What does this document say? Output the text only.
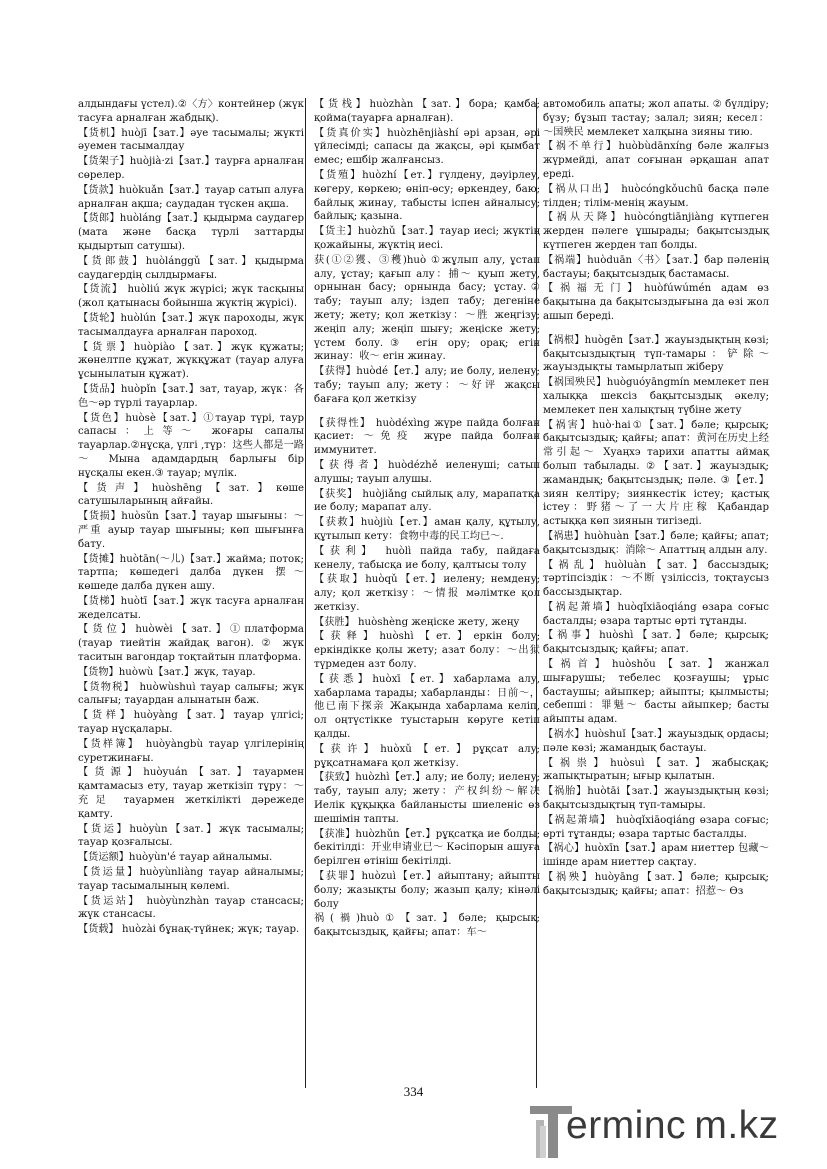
алдындағы үстел).②〈方〉контейнер (жүк тасуға арналған жабдық).
【货机】huòjī【зат.】әуе тасымалы; жүкті әуемен тасымалдау
【货架子】huòjià·zi【зат.】таурға арналған сөрелер.
【货款】huòkuǎn【зат.】тауар сатып алуға арналған ақша; саудадан түскен ақша.
【货郎】huòláng【зат.】қыдырма саудагер (мата және басқа түрлі заттарды қыдыртып сатушы).
【货郎鼓】huòlánggǔ【зат.】қыдырма саудагердің сылдырмағы.
【货流】 huòliú жүк жүрісі; жүк тасқыны (жол қатынасы бойынша жүктің жүрісі).
【货轮】huòlún【зат.】жүк пароходы, жүк тасымалдауға арналған пароход.
【货票】huòpiào【зат.】жүк құжаты; жөнелтпе құжат, жүкқұжат (тауар алуға ұсынылатын құжат).
【货品】huòpǐn【зат.】зат, тауар, жүк：各色～әр түрлі тауарлар.
【货色】huòsè【зат.】①тауар түрі, таур сапасы：上等～ жоғары сапалы тауарлар.②нұсқа, үлгі ,түр：这些人都是一路～ Мына адамдардың барлығы бір нұсқалы екен.③ тауар; мүлік.
【货声】huòshēng【зат.】көше сатушыларының айғайы.
【货损】huòsǔn【зат.】тауар шығыны：～严重 ауыр тауар шығыны; көп шығынға бату.
【货摊】huòtān(～儿)【зат.】жайма; поток; тартпа; көшедегі далба дүкен 摆～ көшеде далба дүкен ашу.
【货梯】huòtī【зат.】жүк тасуға арналған жеделсаты.
【货位】huòwèi【зат.】①платформа (тауар тиейтін жайдақ вагон). ② жүк таситын вагондар тоқтайтын платформа.
【货物】huòwù【зат.】жүк, тауар.
【货物税】 huòwùshuì тауар салығы; жүк салығы; тауардан алынатын баж.
【货样】huòyàng【зат.】тауар үлгісі; тауар нұсқалары.
【货样簿】 huòyàngbù тауар үлгілерінің суретжинағы.
【货源】huòyuán【зат.】тауармен қамтамасыз ету, тауар жеткізіп тұру：～充足 тауармен жеткілікті дәрежеде қамту.
【货运】huòyùn【зат.】жүк тасымалы; тауар қозғалысы.
【货运额】huòyùn'é тауар айналымы.
【货运量】huòyùnliàng тауар айналымы; тауар тасымалының көлемі.
【货运站】 huòyùnzhàn тауар стансасы; жүк стансасы.
【货载】 huòzài бұнақ-түйнек; жүк; тауар.
【货栈】huòzhàn【зат.】бора; қамба; қойма(тауарға арналған).
【货真价实】huòzhēnjiàshí әрі арзан, әрі үйлесімді; сапасы да жақсы, әрі қымбат емес; ешбір жалғансыз.
【货殖】huòzhí【ет.】гүлдену, дәуірлеу, көгеру, көркею; өніп-өсу; өркендеу, баю; байлық жинау, табысты іспен айналысу; байлық; қазына.
【货主】huòzhǔ【зат.】тауар иесі; жүктің қожайыны, жүктің иесі.
获(①②獲、③穫)huò ①жұлып алу, ұстап алу, ұстау; қағып алу：捕～ қуып жету, орнынан басу; орнында басу; ұстау.② табу; тауып алу; іздеп табу; дегеніне жету; жету; қол жеткізу：～胜 жеңгізу; жеңіп алу; жеңіп шығу; жеңіске жету; үстем болу.③ егін ору; орақ; егін жинау：收～ егін жинау.
【获得】huòdé【ет.】алу; ие болу, иелену; табу; тауып алу; жету：～好评 жақсы бағаға қол жеткізу
【获得性】 huòdéxìng жүре пайда болған қасиет: ～免疫 жүре пайда болған иммунитет.
【获得者】huòdézhě иеленуші; сатып алушы; тауып алушы.
【获奖】 huòjiǎng сыйлық алу, марапатқа ие болу; марапат алу.
【获救】huòjiù【ет.】аман қалу, құтылу, құтылып кету：食物中毒的民工均已～.
【获利】 huòlì пайда табу, пайдаға кенелу, табысқа ие болу, қалтысы толу
【获取】huòqǔ【ет.】иелену; немдену; алу; қол жеткізу：～情报 мәлімтке қол жеткізу.
【获胜】 huòshèng жеңіске жету, жеңу
【获释】huòshì【ет.】еркін болу; еркіндікке қолы жету; азат болу：～出狱 түрмеден азт болу.
【获悉】huòxī【ет.】хабарлама алу, хабарлама тарады; хабарланды：日前～，他已南下探亲 Жақында хабарлама келіп, ол оңтүстікке туыстарын көруге кетіп қалды.
【获许】huòxǔ【ет.】рұқсат алу; рұқсатнамаға қол жеткізу.
【获致】huòzhì【ет.】алу; ие болу; иелену; табу, тауып алу; жету：产权纠纷～解决 Иелік құқықка байланысты шиеленіс өз шешімін тапты.
【获准】huòzhǔn【ет.】рұқсатқа ие болды; бекітілді：开业申请业已～ Кәсіпорын ашуға берілген өтініш бекітілді.
【获罪】huòzuì【ет.】айыптану; айыпты болу; жазықты болу; жазып қалу; кінәлі болу
祸(禍)huò①【зат.】бәле; қырсық; бақытсыздық, қайғы; апат：车～
автомобиль апаты; жол апаты. ② бүлдіру; бүзу; бұзып тастау; залал; зиян; кесел：～国殃民 мемлекет халқына зияны тию.
【祸不单行】huòbùdānxíng бәле жалғыз жүрмейді, апат соғынан әрқашан апат ереді.
【祸从口出】 huòcóngkǒuchū басқа пәле тілден; тілім-менің жауым.
【祸从天降】huòcóngtiānjiàng күтпеген жерден пәлеге ұшырады; бақытсыздық күтпеген жерден тап болды.
【祸端】huòduān〈书〉【зат.】бар пәленің бастауы; бақытсыздық бастамасы.
【祸福无门】huòfúwúmén адам өз бақытына да бақытсыздығына да өзі жол ашып береді.
【祸根】huògēn【зат.】жауыздықтың көзі; бақытсыздықтың түп-тамары：铲除～жауыздықты тамырлатып жіберу
【祸国殃民】huòguóyāngmín мемлекет пен халыққа шексіз бақытсыздық әкелу; мемлекет пен халықтың түбіне жету
【祸害】huò·hai①【зат.】бәле; қырсық; бақытсыздық; қайғы; апат：黄河在历史上经常引起～ Хуаңхэ тарихи апатты аймақ болып табылады. ②【зат.】жауыздық; жамандық; бақытсыздық; пәле. ③【ет.】зиян келтіру; зиянкестік істеу; қастық істеу：野猪～了一大片庄稼 Қабандар астыққа көп зиянын тигізеді.
【祸患】huòhuàn【зат.】бәле; қайғы; апат; бақытсыздық：消除～ Апаттың алдын алу.
【祸乱】huòluàn【зат.】бассыздық; тәртіпсіздік：～不断 үзіліссіз, тоқтаусыз бассыздықтар.
【祸起萧墙】huòqǐxiāoqiáng өзара соғыс басталды; өзара тартыс өрті тұтанды.
【祸事】huòshì【зат.】бәле; қырсық; бақытсыздық; қайғы; апат.
【祸首】huòshǒu【зат.】жанжал шығарушы; тебелес қозғаушы; ұрыс бастаушы; айыпкер; айыпты; қылмысты; себепші：罪魁～ басты айыпкер; басты айыпты адам.
【祸水】huòshuǐ【зат.】жауыздық ордасы; пәле көзі; жамандық бастауы.
【祸祟】huòsuì【зат.】жабысқақ; жапықтыратын; ығыр қылатын.
【祸胎】huòtāi【зат.】жауыздықтың көзі; бақытсыздықтың түп-тамыры.
【祸起萧墙】 huòqǐxiāoqiáng өзара соғыс; өрті тұтанды; өзара тартыс басталды.
【祸心】huòxīn【зат.】арам ниеттер 包藏～ ішінде арам ниеттер сақтау.
【祸殃】huòyāng【зат.】бәле; қырсық; бақытсыздық; қайғы; апат：招惹～ Өз
334
erminc m.kz
